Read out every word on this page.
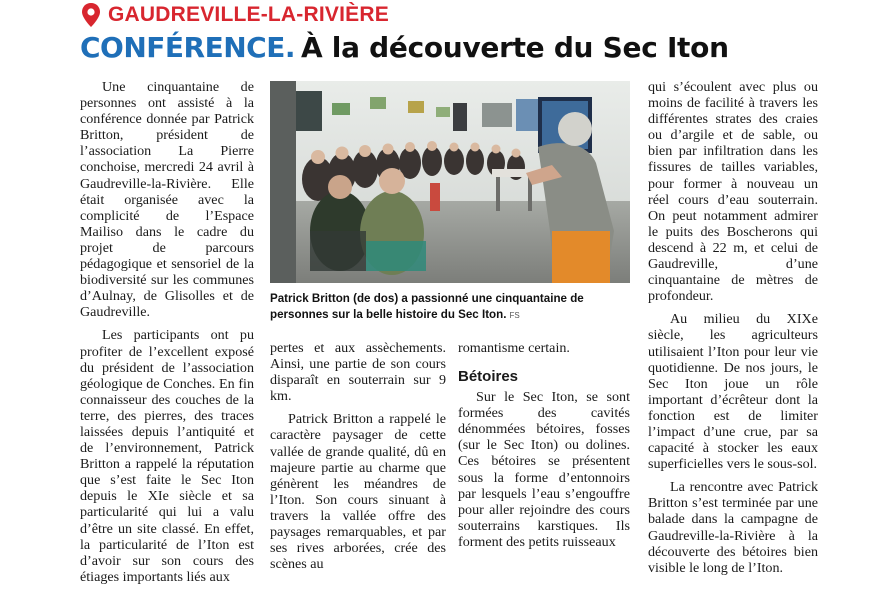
GAUDREVILLE-LA-RIVIÈRE
CONFÉRENCE. À la découverte du Sec Iton

Une cinquantaine de personnes ont assisté à la conférence donnée par Patrick Britton, président de l’association La Pierre conchoise, mercredi 24 avril à Gaudreville-la-Rivière. Elle était organisée avec la complicité de l’Espace Mailiso dans le cadre du projet de parcours pédagogique et sensoriel de la biodiversité sur les communes d’Aulnay, de Glisolles et de Gaudreville.

Les participants ont pu profiter de l’excellent exposé du président de l’association géologique de Conches. En fin connaisseur des couches de la terre, des pierres, des traces laissées depuis l’antiquité et de l’environnement, Patrick Britton a rappelé la réputation que s’est faite le Sec Iton depuis le XIe siècle et sa particularité qui lui a valu d’être un site classé. En effet, la particularité de l’Iton est d’avoir sur son cours des étiages importants liés aux

Patrick Britton (de dos) a passionné une cinquantaine de personnes sur la belle histoire du Sec Iton. FS

pertes et aux assèchements. Ainsi, une partie de son cours disparaît en souterrain sur 9 km.

Patrick Britton a rappelé le caractère paysager de cette vallée de grande qualité, dû en majeure partie au charme que génèrent les méandres de l’Iton. Son cours sinuant à travers la vallée offre des paysages remarquables, et par ses rives arborées, crée des scènes au

romantisme certain.

Bétoires

Sur le Sec Iton, se sont formées des cavités dénommées bétoires, fosses (sur le Sec Iton) ou dolines. Ces bétoires se présentent sous la forme d’entonnoirs par lesquels l’eau s’engouffre pour aller rejoindre des cours souterrains karstiques. Ils forment des petits ruisseaux

qui s’écoulent avec plus ou moins de facilité à travers les différentes strates des craies ou d’argile et de sable, ou bien par infiltration dans les fissures de tailles variables, pour former à nouveau un réel cours d’eau souterrain. On peut notamment admirer le puits des Boscherons qui descend à 22 m, et celui de Gaudreville, d’une cinquantaine de mètres de profondeur.

Au milieu du XIXe siècle, les agriculteurs utilisaient l’Iton pour leur vie quotidienne. De nos jours, le Sec Iton joue un rôle important d’écrêteur dont la fonction est de limiter l’impact d’une crue, par sa capacité à stocker les eaux superficielles vers le sous-sol.

La rencontre avec Patrick Britton s’est terminée par une balade dans la campagne de Gaudreville-la-Rivière à la découverte des bétoires bien visible le long de l’Iton.
